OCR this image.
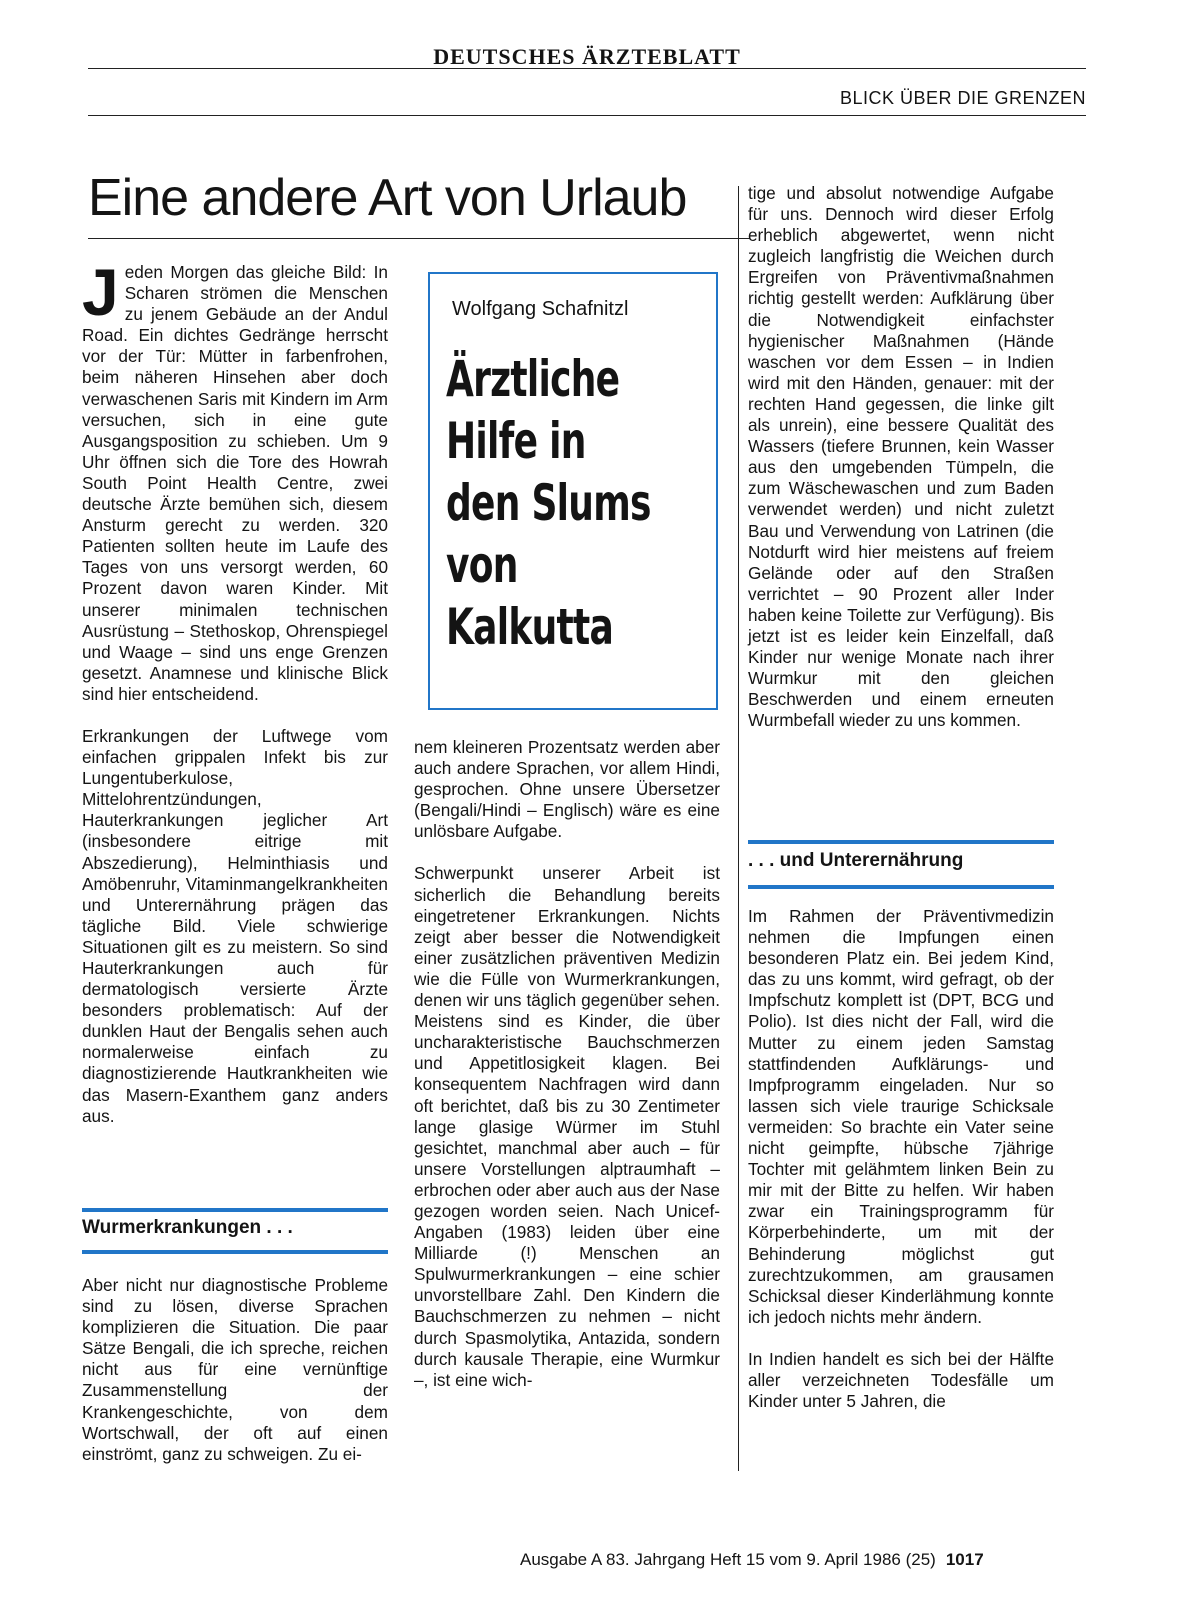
DEUTSCHES ÄRZTEBLATT
BLICK ÜBER DIE GRENZEN
Eine andere Art von Urlaub

Jeden Morgen das gleiche Bild: In Scharen strömen die Menschen zu jenem Gebäude an der Andul Road. Ein dichtes Gedränge herrscht vor der Tür: Mütter in farbenfrohen, beim näheren Hinsehen aber doch verwaschenen Saris mit Kindern im Arm versuchen, sich in eine gute Ausgangsposition zu schieben. Um 9 Uhr öffnen sich die Tore des Howrah South Point Health Centre, zwei deutsche Ärzte bemühen sich, diesem Ansturm gerecht zu werden. 320 Patienten sollten heute im Laufe des Tages von uns versorgt werden, 60 Prozent davon waren Kinder. Mit unserer minimalen technischen Ausrüstung – Stethoskop, Ohrenspiegel und Waage – sind uns enge Grenzen gesetzt. Anamnese und klinische Blick sind hier entscheidend.

Erkrankungen der Luftwege vom einfachen grippalen Infekt bis zur Lungentuberkulose, Mittelohrentzündungen, Hauterkrankungen jeglicher Art (insbesondere eitrige mit Abszedierung), Helminthiasis und Amöbenruhr, Vitaminmangelkrankheiten und Unterernährung prägen das tägliche Bild. Viele schwierige Situationen gilt es zu meistern. So sind Hauterkrankungen auch für dermatologisch versierte Ärzte besonders problematisch: Auf der dunklen Haut der Bengalis sehen auch normalerweise einfach zu diagnostizierende Hautkrankheiten wie das Masern-Exanthem ganz anders aus.

Wurmerkrankungen . . .

Aber nicht nur diagnostische Probleme sind zu lösen, diverse Sprachen komplizieren die Situation. Die paar Sätze Bengali, die ich spreche, reichen nicht aus für eine vernünftige Zusammenstellung der Krankengeschichte, von dem Wortschwall, der oft auf einen einströmt, ganz zu schweigen. Zu ei-

Wolfgang Schafnitzl
Ärztliche
Hilfe in
den Slums
von
Kalkutta

nem kleineren Prozentsatz werden aber auch andere Sprachen, vor allem Hindi, gesprochen. Ohne unsere Übersetzer (Bengali/Hindi – Englisch) wäre es eine unlösbare Aufgabe.

Schwerpunkt unserer Arbeit ist sicherlich die Behandlung bereits eingetretener Erkrankungen. Nichts zeigt aber besser die Notwendigkeit einer zusätzlichen präventiven Medizin wie die Fülle von Wurmerkrankungen, denen wir uns täglich gegenüber sehen. Meistens sind es Kinder, die über uncharakteristische Bauchschmerzen und Appetitlosigkeit klagen. Bei konsequentem Nachfragen wird dann oft berichtet, daß bis zu 30 Zentimeter lange glasige Würmer im Stuhl gesichtet, manchmal aber auch – für unsere Vorstellungen alptraumhaft – erbrochen oder aber auch aus der Nase gezogen worden seien. Nach Unicef-Angaben (1983) leiden über eine Milliarde (!) Menschen an Spulwurmerkrankungen – eine schier unvorstellbare Zahl. Den Kindern die Bauchschmerzen zu nehmen – nicht durch Spasmolytika, Antazida, sondern durch kausale Therapie, eine Wurmkur –, ist eine wich-

tige und absolut notwendige Aufgabe für uns. Dennoch wird dieser Erfolg erheblich abgewertet, wenn nicht zugleich langfristig die Weichen durch Ergreifen von Präventivmaßnahmen richtig gestellt werden: Aufklärung über die Notwendigkeit einfachster hygienischer Maßnahmen (Hände waschen vor dem Essen – in Indien wird mit den Händen, genauer: mit der rechten Hand gegessen, die linke gilt als unrein), eine bessere Qualität des Wassers (tiefere Brunnen, kein Wasser aus den umgebenden Tümpeln, die zum Wäschewaschen und zum Baden verwendet werden) und nicht zuletzt Bau und Verwendung von Latrinen (die Notdurft wird hier meistens auf freiem Gelände oder auf den Straßen verrichtet – 90 Prozent aller Inder haben keine Toilette zur Verfügung). Bis jetzt ist es leider kein Einzelfall, daß Kinder nur wenige Monate nach ihrer Wurmkur mit den gleichen Beschwerden und einem erneuten Wurmbefall wieder zu uns kommen.

. . . und Unterernährung

Im Rahmen der Präventivmedizin nehmen die Impfungen einen besonderen Platz ein. Bei jedem Kind, das zu uns kommt, wird gefragt, ob der Impfschutz komplett ist (DPT, BCG und Polio). Ist dies nicht der Fall, wird die Mutter zu einem jeden Samstag stattfindenden Aufklärungs- und Impfprogramm eingeladen. Nur so lassen sich viele traurige Schicksale vermeiden: So brachte ein Vater seine nicht geimpfte, hübsche 7jährige Tochter mit gelähmtem linken Bein zu mir mit der Bitte zu helfen. Wir haben zwar ein Trainingsprogramm für Körperbehinderte, um mit der Behinderung möglichst gut zurechtzukommen, am grausamen Schicksal dieser Kinderlähmung konnte ich jedoch nichts mehr ändern.

In Indien handelt es sich bei der Hälfte aller verzeichneten Todesfälle um Kinder unter 5 Jahren, die

Ausgabe A 83. Jahrgang Heft 15 vom 9. April 1986 (25) 1017
